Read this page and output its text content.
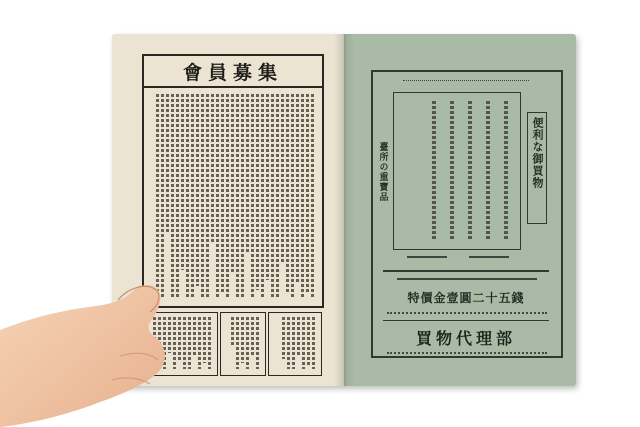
會員募集
臺所の重寶品	便利な御買物
特價金壹圓二十五錢
買物代理部
